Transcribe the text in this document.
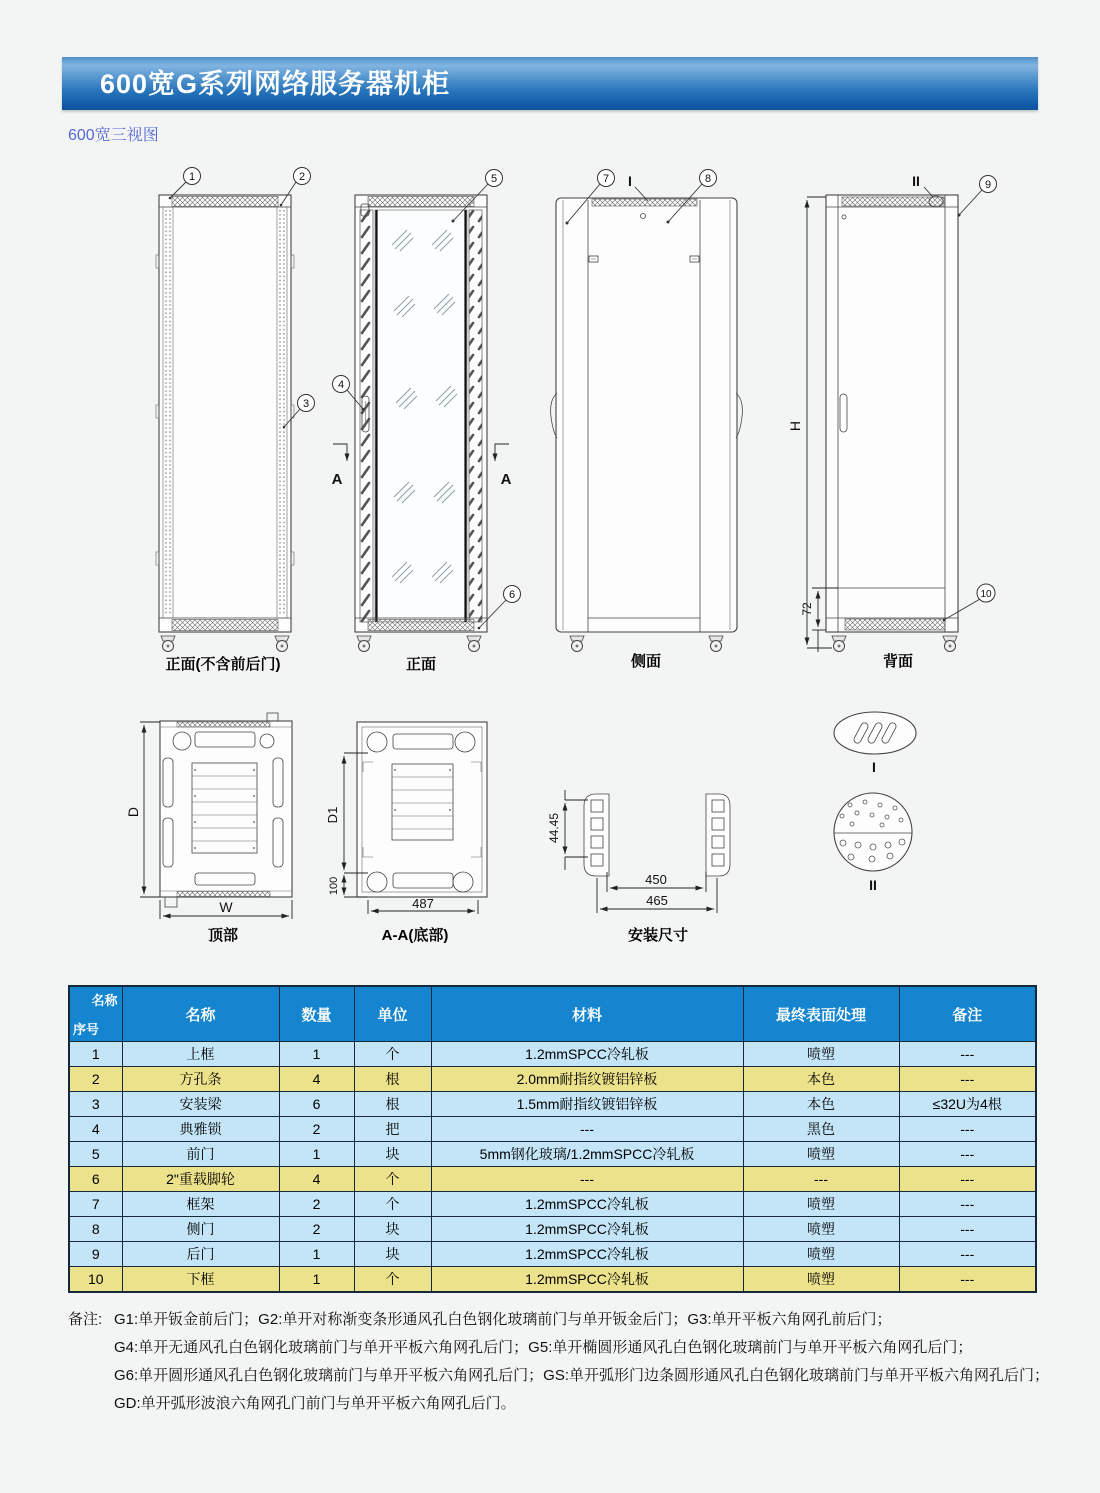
600宽G系列网络服务器机柜
600宽三视图
正面(不含前后门)
1	2
3
A	A
正面
4
5
6
侧面
7	8
I
H
72
背面
9
10
II
D
W
顶部
D1
100
487
A-A(底部)
44.45
450
465
安装尺寸
I
II
名称
序号	名称	数量	单位	材料	最终表面处理	备注
1	上框	1	个	1.2mmSPCC冷轧板	喷塑	---
2	方孔条	4	根	2.0mm耐指纹镀铝锌板	本色	---
3	安装梁	6	根	1.5mm耐指纹镀铝锌板	本色	≤32U为4根
4	典雅锁	2	把	---	黑色	---
5	前门	1	块	5mm钢化玻璃/1.2mmSPCC冷轧板	喷塑	---
6	2"重载脚轮	4	个	---	---	---
7	框架	2	个	1.2mmSPCC冷轧板	喷塑	---
8	侧门	2	块	1.2mmSPCC冷轧板	喷塑	---
9	后门	1	块	1.2mmSPCC冷轧板	喷塑	---
10	下框	1	个	1.2mmSPCC冷轧板	喷塑	---
备注: G1:单开钣金前后门；G2:单开对称渐变条形通风孔白色钢化玻璃前门与单开钣金后门；G3:单开平板六角网孔前后门；
G4:单开无通风孔白色钢化玻璃前门与单开平板六角网孔后门；G5:单开椭圆形通风孔白色钢化玻璃前门与单开平板六角网孔后门；
G6:单开圆形通风孔白色钢化玻璃前门与单开平板六角网孔后门；GS:单开弧形门边条圆形通风孔白色钢化玻璃前门与单开平板六角网孔后门；
GD:单开弧形波浪六角网孔门前门与单开平板六角网孔后门。
